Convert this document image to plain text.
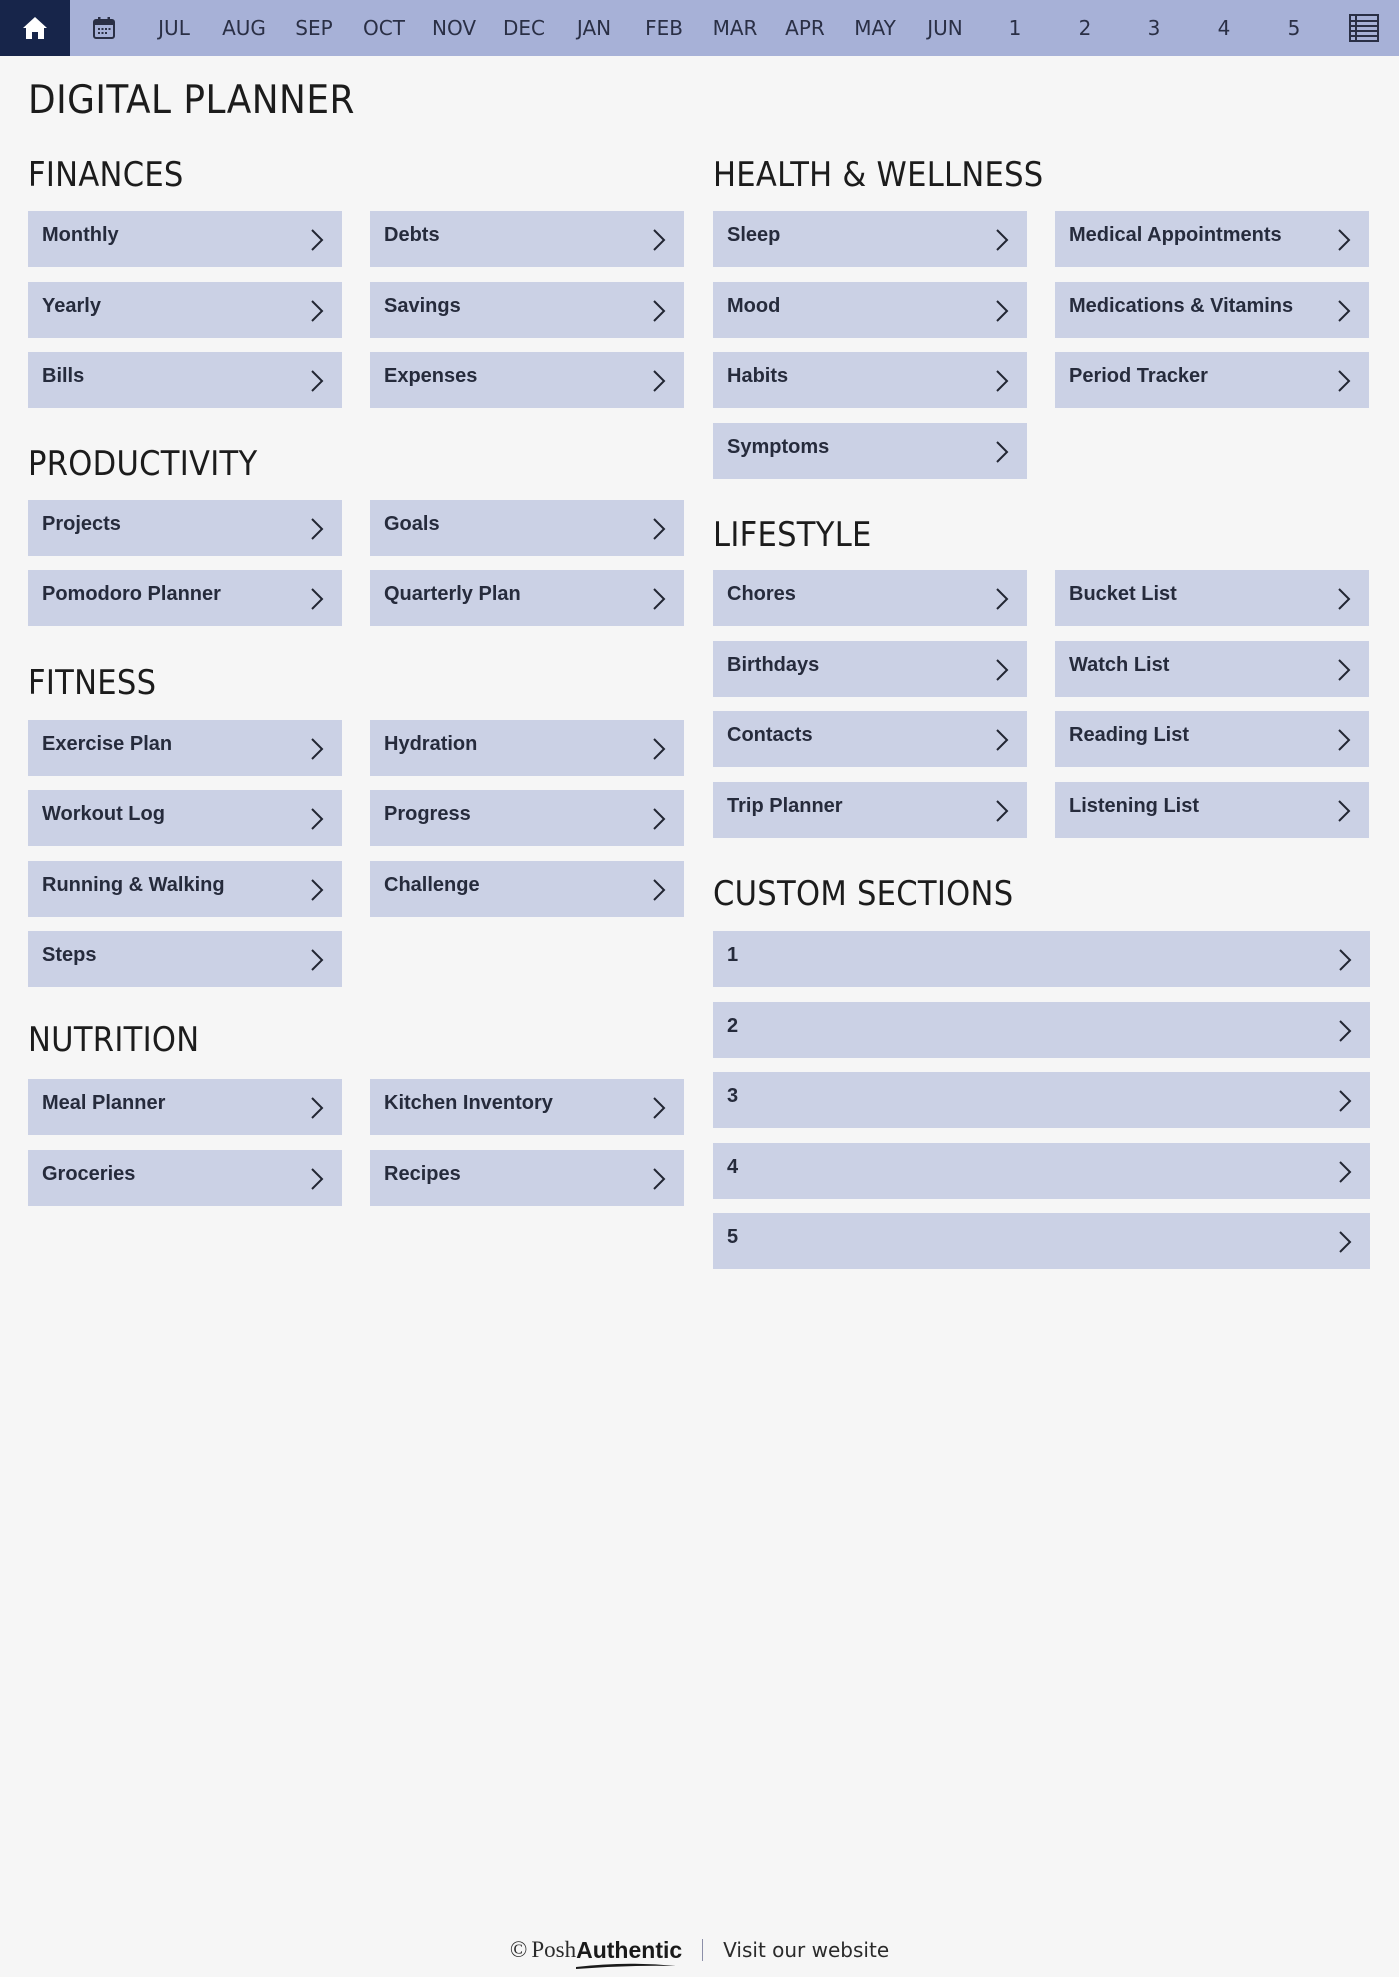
JUL AUG SEP OCT NOV DEC JAN FEB MAR APR MAY JUN 1	2	3	4	5
DIGITAL PLANNER
FINANCES
Monthly	Debts
Yearly	Savings
Bills	Expenses
PRODUCTIVITY
Projects	Goals
Pomodoro Planner	Quarterly Plan
FITNESS
Exercise Plan	Hydration
Workout Log	Progress
Running & Walking	Challenge
Steps
NUTRITION
Meal Planner	Kitchen Inventory
Groceries	Recipes
HEALTH & WELLNESS
Sleep	Medical Appointments
Mood	Medications & Vitamins
Habits	Period Tracker
Symptoms
LIFESTYLE
Chores	Bucket List
Birthdays	Watch List
Contacts	Reading List
Trip Planner	Listening List
CUSTOM SECTIONS
1
2
3
4
5
© Posh Authentic Visit our website
